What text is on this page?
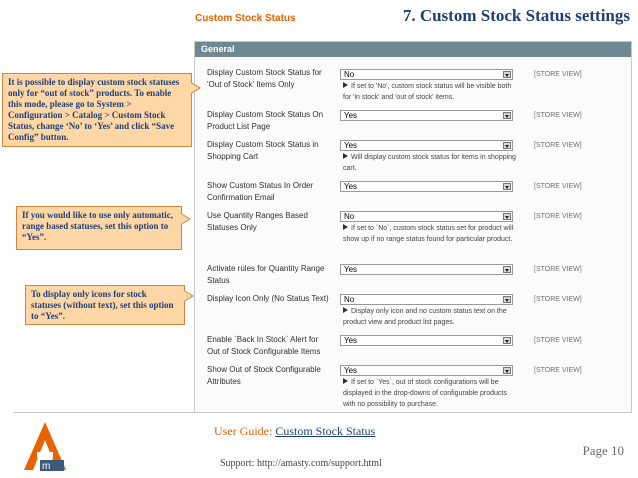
7. Custom Stock Status settings
Custom Stock Status
General
Display Custom Stock Status for 'Out of Stock' Items Only
No	[STORE VIEW]
If set to 'No', custom stock status will be visible both for 'in stock' and 'out of stock' items.
Display Custom Stock Status On Product List Page
Yes	[STORE VIEW]
Display Custom Stock Status in Shopping Cart
Yes	[STORE VIEW]
Will display custom stock status for items in shopping cart.
Show Custom Status In Order Confirmation Email
Yes	[STORE VIEW]
Use Quantity Ranges Based Statuses Only
No	[STORE VIEW]
If set to `No`, custom stock status set for product will show up if no range status found for particular product.
Activate rules for Quantity Range Status
Yes	[STORE VIEW]
Display Icon Only (No Status Text)	No	[STORE VIEW]
Display only icon and no custom status text on the product view and product list pages.
Enable `Back In Stock` Alert for Out of Stock Configurable Items
Yes	[STORE VIEW]
Show Out of Stock Configurable Attributes
Yes	[STORE VIEW]
If set to `Yes`, out of stock configurations will be displayed in the drop-downs of configurable products with no possibility to purchase.
It is possible to display custom stock statuses only for “out of stock” products. To enable this mode, please go to System > Configuration > Catalog > Custom Stock Status, change ‘No’ to ‘Yes’ and click “Save Config” button.
If you would like to use only automatic, range based statuses, set this option to “Yes”.
To display only icons for stock statuses (without text), set this option to “Yes”.
m
User Guide: Custom Stock Status
Support: http://amasty.com/support.html
Page 10
